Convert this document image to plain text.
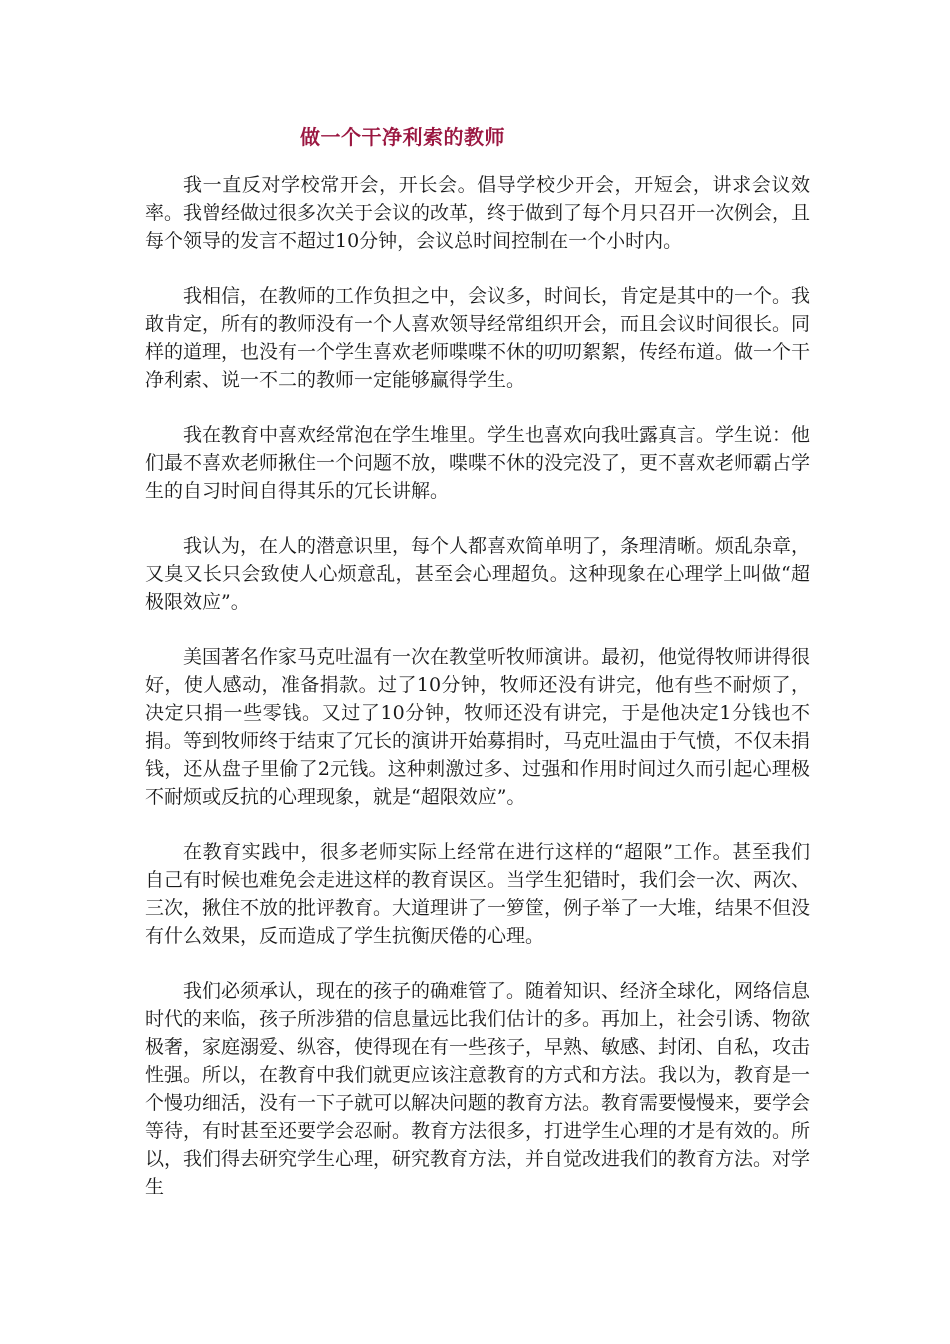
做一个干净利索的教师

我一直反对学校常开会，开长会。倡导学校少开会，开短会，讲求会议效率。我曾经做过很多次关于会议的改革，终于做到了每个月只召开一次例会，且每个领导的发言不超过10分钟，会议总时间控制在一个小时内。

我相信，在教师的工作负担之中，会议多，时间长，肯定是其中的一个。我敢肯定，所有的教师没有一个人喜欢领导经常组织开会，而且会议时间很长。同样的道理，也没有一个学生喜欢老师喋喋不休的叨叨絮絮，传经布道。做一个干净利索、说一不二的教师一定能够赢得学生。

我在教育中喜欢经常泡在学生堆里。学生也喜欢向我吐露真言。学生说：他们最不喜欢老师揪住一个问题不放，喋喋不休的没完没了，更不喜欢老师霸占学生的自习时间自得其乐的冗长讲解。

我认为，在人的潜意识里，每个人都喜欢简单明了，条理清晰。烦乱杂章，又臭又长只会致使人心烦意乱，甚至会心理超负。这种现象在心理学上叫做“超极限效应”。

美国著名作家马克吐温有一次在教堂听牧师演讲。最初，他觉得牧师讲得很好，使人感动，准备捐款。过了10分钟，牧师还没有讲完，他有些不耐烦了，决定只捐一些零钱。又过了10分钟，牧师还没有讲完，于是他决定1分钱也不捐。等到牧师终于结束了冗长的演讲开始募捐时，马克吐温由于气愤，不仅未捐钱，还从盘子里偷了2元钱。这种刺激过多、过强和作用时间过久而引起心理极不耐烦或反抗的心理现象，就是“超限效应”。

在教育实践中，很多老师实际上经常在进行这样的“超限”工作。甚至我们自己有时候也难免会走进这样的教育误区。当学生犯错时，我们会一次、两次、三次，揪住不放的批评教育。大道理讲了一箩筐，例子举了一大堆，结果不但没有什么效果，反而造成了学生抗衡厌倦的心理。

我们必须承认，现在的孩子的确难管了。随着知识、经济全球化，网络信息时代的来临，孩子所涉猎的信息量远比我们估计的多。再加上，社会引诱、物欲极奢，家庭溺爱、纵容，使得现在有一些孩子，早熟、敏感、封闭、自私，攻击性强。所以，在教育中我们就更应该注意教育的方式和方法。我以为，教育是一个慢功细活，没有一下子就可以解决问题的教育方法。教育需要慢慢来，要学会等待，有时甚至还要学会忍耐。教育方法很多，打进学生心理的才是有效的。所以，我们得去研究学生心理，研究教育方法，并自觉改进我们的教育方法。对学生
